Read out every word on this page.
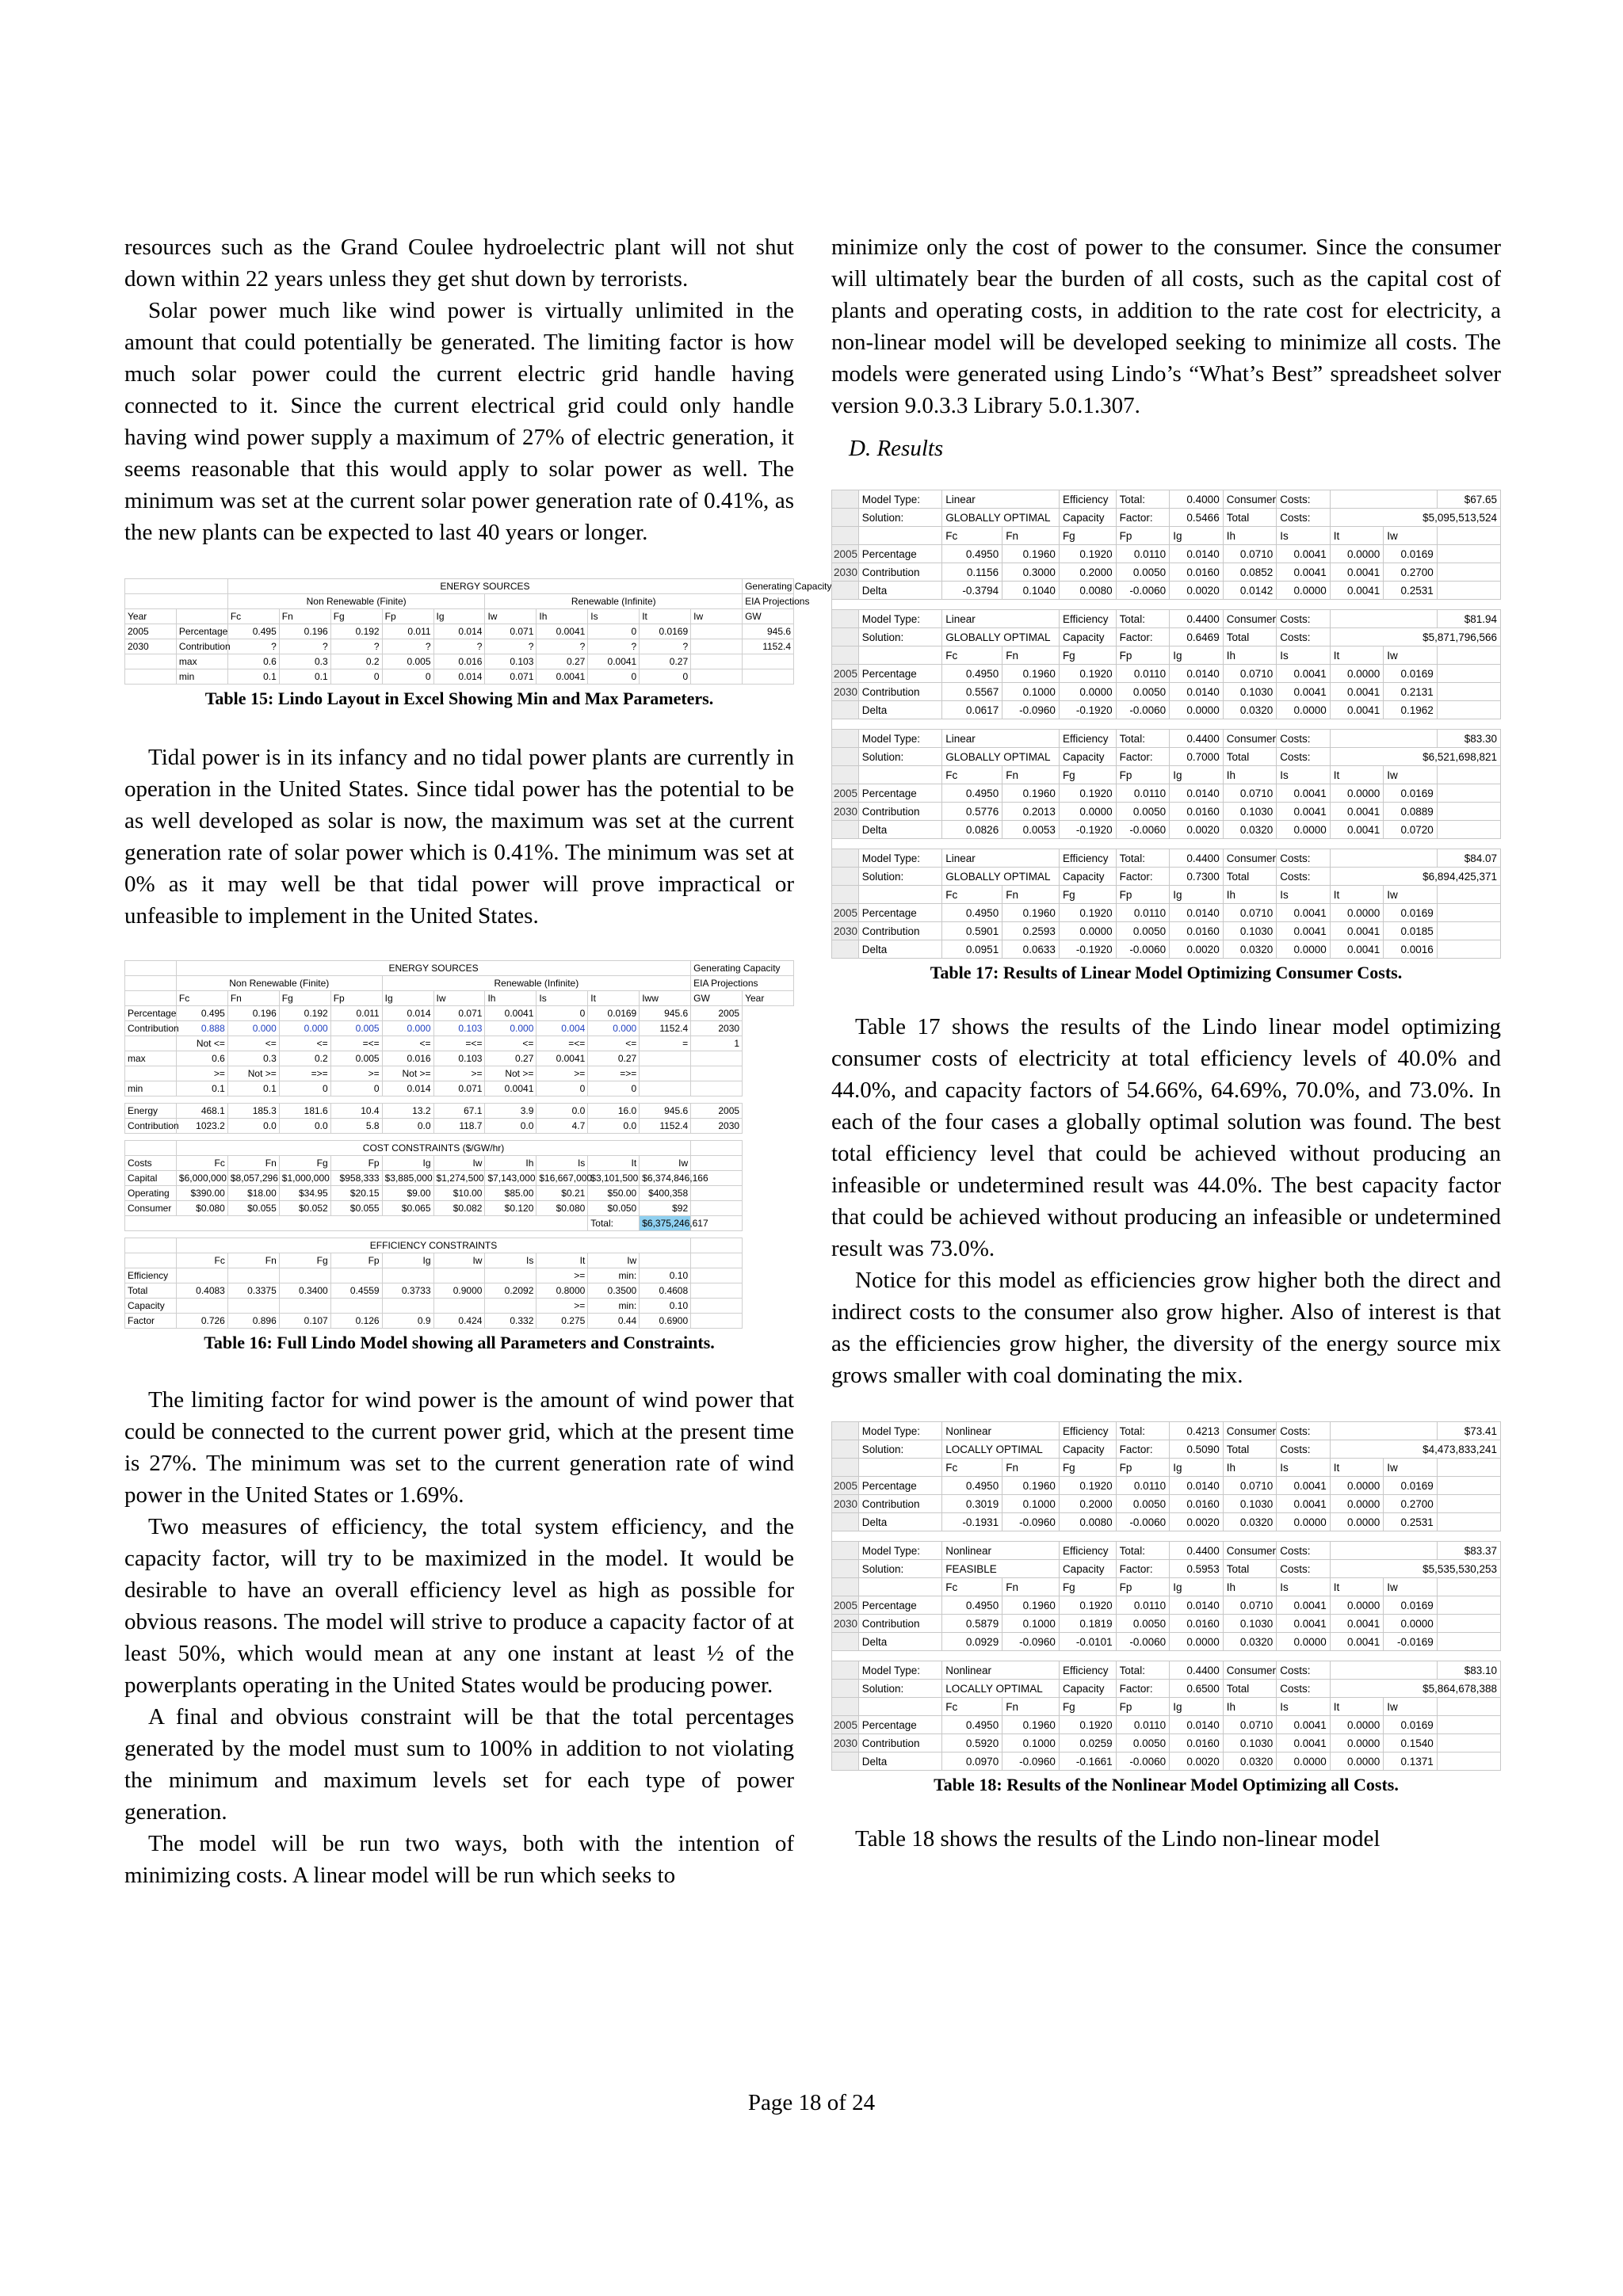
resources such as the Grand Coulee hydroelectric plant will not shut down within 22 years unless they get shut down by terrorists.

Solar power much like wind power is virtually unlimited in the amount that could potentially be generated. The limiting factor is how much solar power could the current electric grid handle having connected to it. Since the current electrical grid could only handle having wind power supply a maximum of 27% of electric generation, it seems reasonable that this would apply to solar power as well. The minimum was set at the current solar power generation rate of 0.41%, as the new plants can be expected to last 40 years or longer.

		ENERGY SOURCES										Generating Capacity
		Non Renewable (Finite)					Renewable (Infinite)					EIA Projections
Year		Fc	Fn	Fg	Fp	Ig	Iw	Ih	Is	It	Iw	GW
2005	Percentage	0.495	0.196	0.192	0.011	0.014	0.071	0.0041	0	0.0169		945.6
2030	Contribution	?	?	?	?	?	?	?	?	?		1152.4
	max	0.6	0.3	0.2	0.005	0.016	0.103	0.27	0.0041	0.27		
	min	0.1	0.1	0	0	0.014	0.071	0.0041	0	0		
Table 15: Lindo Layout in Excel Showing Min and Max Parameters.

Tidal power is in its infancy and no tidal power plants are currently in operation in the United States. Since tidal power has the potential to be as well developed as solar is now, the maximum was set at the current generation rate of solar power which is 0.41%. The minimum was set at 0% as it may well be that tidal power will prove impractical or unfeasible to implement in the United States.

	ENERGY SOURCES										Generating Capacity	
	Non Renewable (Finite)				Renewable (Infinite)						EIA Projections	
	Fc	Fn	Fg	Fp	Ig	Iw	Ih	Is	It	Iww	GW	Year
Percentage	0.495	0.196	0.192	0.011	0.014	0.071	0.0041	0	0.0169	945.6	2005	
Contribution	0.888	0.000	0.000	0.005	0.000	0.103	0.000	0.004	0.000	1152.4	2030	
	Not <=	<=	<=	=<=	<=	=<=	<=	=<=	<=	=	1	
max	0.6	0.3	0.2	0.005	0.016	0.103	0.27	0.0041	0.27			
	>=	Not >=	=>=	>=	Not >=	>=	Not >=	>=	=>=			
min	0.1	0.1	0	0	0.014	0.071	0.0041	0	0			

Energy	468.1	185.3	181.6	10.4	13.2	67.1	3.9	0.0	16.0	945.6	2005	
Contribution	1023.2	0.0	0.0	5.8	0.0	118.7	0.0	4.7	0.0	1152.4	2030	

	COST CONSTRAINTS ($/GW/hr)											
Costs	Fc	Fn	Fg	Fp	Ig	Iw	Ih	Is	It	Iw		
Capital	$6,000,000	$8,057,296	$1,000,000	$958,333	$3,885,000	$1,274,500	$7,143,000	$16,667,000	$3,101,500	$6,374,846,166		
Operating	$390.00	$18.00	$34.95	$20.15	$9.00	$10.00	$85.00	$0.21	$50.00	$400,358		
Consumer	$0.080	$0.055	$0.052	$0.055	$0.065	$0.082	$0.120	$0.080	$0.050	$92		
									Total:	$6,375,246,617		

	EFFICIENCY CONSTRAINTS											
	Fc	Fn	Fg	Fp	Ig	Iw	Is	It	Iw			
Efficiency								>=	min:	0.10		
Total	0.4083	0.3375	0.3400	0.4559	0.3733	0.9000	0.2092	0.8000	0.3500	0.4608		
Capacity								>=	min:	0.10		
Factor	0.726	0.896	0.107	0.126	0.9	0.424	0.332	0.275	0.44	0.6900		
Table 16: Full Lindo Model showing all Parameters and Constraints.

The limiting factor for wind power is the amount of wind power that could be connected to the current power grid, which at the present time is 27%. The minimum was set to the current generation rate of wind power in the United States or 1.69%.

Two measures of efficiency, the total system efficiency, and the capacity factor, will try to be maximized in the model. It would be desirable to have an overall efficiency level as high as possible for obvious reasons. The model will strive to produce a capacity factor of at least 50%, which would mean at any one instant at least ½ of the powerplants operating in the United States would be producing power.

A final and obvious constraint will be that the total percentages generated by the model must sum to 100% in addition to not violating the minimum and maximum levels set for each type of power generation.

The model will be run two ways, both with the intention of minimizing costs. A linear model will be run which seeks to

minimize only the cost of power to the consumer. Since the consumer will ultimately bear the burden of all costs, such as the capital cost of plants and operating costs, in addition to the rate cost for electricity, a non-linear model will be developed seeking to minimize all costs. The models were generated using Lindo’s “What’s Best” spreadsheet solver version 9.0.3.3 Library 5.0.1.307.

D. Results
	Model Type:	Linear		Efficiency	Total:	0.4000	Consumer	Costs:			$67.65
	Solution:	GLOBALLY OPTIMAL		Capacity	Factor:	0.5466	Total	Costs:	$5,095,513,524		
		Fc	Fn	Fg	Fp	Ig	Ih	Is	It	Iw	
2005	Percentage	0.4950	0.1960	0.1920	0.0110	0.0140	0.0710	0.0041	0.0000	0.0169	
2030	Contribution	0.1156	0.3000	0.2000	0.0050	0.0160	0.0852	0.0041	0.0041	0.2700	
	Delta	-0.3794	0.1040	0.0080	-0.0060	0.0020	0.0142	0.0000	0.0041	0.2531	

	Model Type:	Linear		Efficiency	Total:	0.4400	Consumer	Costs:			$81.94
	Solution:	GLOBALLY OPTIMAL		Capacity	Factor:	0.6469	Total	Costs:	$5,871,796,566		
		Fc	Fn	Fg	Fp	Ig	Ih	Is	It	Iw	
2005	Percentage	0.4950	0.1960	0.1920	0.0110	0.0140	0.0710	0.0041	0.0000	0.0169	
2030	Contribution	0.5567	0.1000	0.0000	0.0050	0.0140	0.1030	0.0041	0.0041	0.2131	
	Delta	0.0617	-0.0960	-0.1920	-0.0060	0.0000	0.0320	0.0000	0.0041	0.1962	

	Model Type:	Linear		Efficiency	Total:	0.4400	Consumer	Costs:			$83.30
	Solution:	GLOBALLY OPTIMAL		Capacity	Factor:	0.7000	Total	Costs:	$6,521,698,821		
		Fc	Fn	Fg	Fp	Ig	Ih	Is	It	Iw	
2005	Percentage	0.4950	0.1960	0.1920	0.0110	0.0140	0.0710	0.0041	0.0000	0.0169	
2030	Contribution	0.5776	0.2013	0.0000	0.0050	0.0160	0.1030	0.0041	0.0041	0.0889	
	Delta	0.0826	0.0053	-0.1920	-0.0060	0.0020	0.0320	0.0000	0.0041	0.0720	

	Model Type:	Linear		Efficiency	Total:	0.4400	Consumer	Costs:			$84.07
	Solution:	GLOBALLY OPTIMAL		Capacity	Factor:	0.7300	Total	Costs:	$6,894,425,371		
		Fc	Fn	Fg	Fp	Ig	Ih	Is	It	Iw	
2005	Percentage	0.4950	0.1960	0.1920	0.0110	0.0140	0.0710	0.0041	0.0000	0.0169	
2030	Contribution	0.5901	0.2593	0.0000	0.0050	0.0160	0.1030	0.0041	0.0041	0.0185	
	Delta	0.0951	0.0633	-0.1920	-0.0060	0.0020	0.0320	0.0000	0.0041	0.0016	
Table 17: Results of Linear Model Optimizing Consumer Costs.

Table 17 shows the results of the Lindo linear model optimizing consumer costs of electricity at total efficiency levels of 40.0% and 44.0%, and capacity factors of 54.66%, 64.69%, 70.0%, and 73.0%. In each of the four cases a globally optimal solution was found. The best total efficiency level that could be achieved without producing an infeasible or undetermined result was 44.0%. The best capacity factor that could be achieved without producing an infeasible or undetermined result was 73.0%.

Notice for this model as efficiencies grow higher both the direct and indirect costs to the consumer also grow higher. Also of interest is that as the efficiencies grow higher, the diversity of the energy source mix grows smaller with coal dominating the mix.

	Model Type:	Nonlinear		Efficiency	Total:	0.4213	Consumer	Costs:			$73.41
	Solution:	LOCALLY OPTIMAL		Capacity	Factor:	0.5090	Total	Costs:	$4,473,833,241		
		Fc	Fn	Fg	Fp	Ig	Ih	Is	It	Iw	
2005	Percentage	0.4950	0.1960	0.1920	0.0110	0.0140	0.0710	0.0041	0.0000	0.0169	
2030	Contribution	0.3019	0.1000	0.2000	0.0050	0.0160	0.1030	0.0041	0.0000	0.2700	
	Delta	-0.1931	-0.0960	0.0080	-0.0060	0.0020	0.0320	0.0000	0.0000	0.2531	

	Model Type:	Nonlinear		Efficiency	Total:	0.4400	Consumer	Costs:			$83.37
	Solution:	FEASIBLE		Capacity	Factor:	0.5953	Total	Costs:	$5,535,530,253		
		Fc	Fn	Fg	Fp	Ig	Ih	Is	It	Iw	
2005	Percentage	0.4950	0.1960	0.1920	0.0110	0.0140	0.0710	0.0041	0.0000	0.0169	
2030	Contribution	0.5879	0.1000	0.1819	0.0050	0.0160	0.1030	0.0041	0.0041	0.0000	
	Delta	0.0929	-0.0960	-0.0101	-0.0060	0.0000	0.0320	0.0000	0.0041	-0.0169	

	Model Type:	Nonlinear		Efficiency	Total:	0.4400	Consumer	Costs:			$83.10
	Solution:	LOCALLY OPTIMAL		Capacity	Factor:	0.6500	Total	Costs:	$5,864,678,388		
		Fc	Fn	Fg	Fp	Ig	Ih	Is	It	Iw	
2005	Percentage	0.4950	0.1960	0.1920	0.0110	0.0140	0.0710	0.0041	0.0000	0.0169	
2030	Contribution	0.5920	0.1000	0.0259	0.0050	0.0160	0.1030	0.0041	0.0000	0.1540	
	Delta	0.0970	-0.0960	-0.1661	-0.0060	0.0020	0.0320	0.0000	0.0000	0.1371	
Table 18: Results of the Nonlinear Model Optimizing all Costs.

Table 18 shows the results of the Lindo non-linear model

Page 18 of 24
